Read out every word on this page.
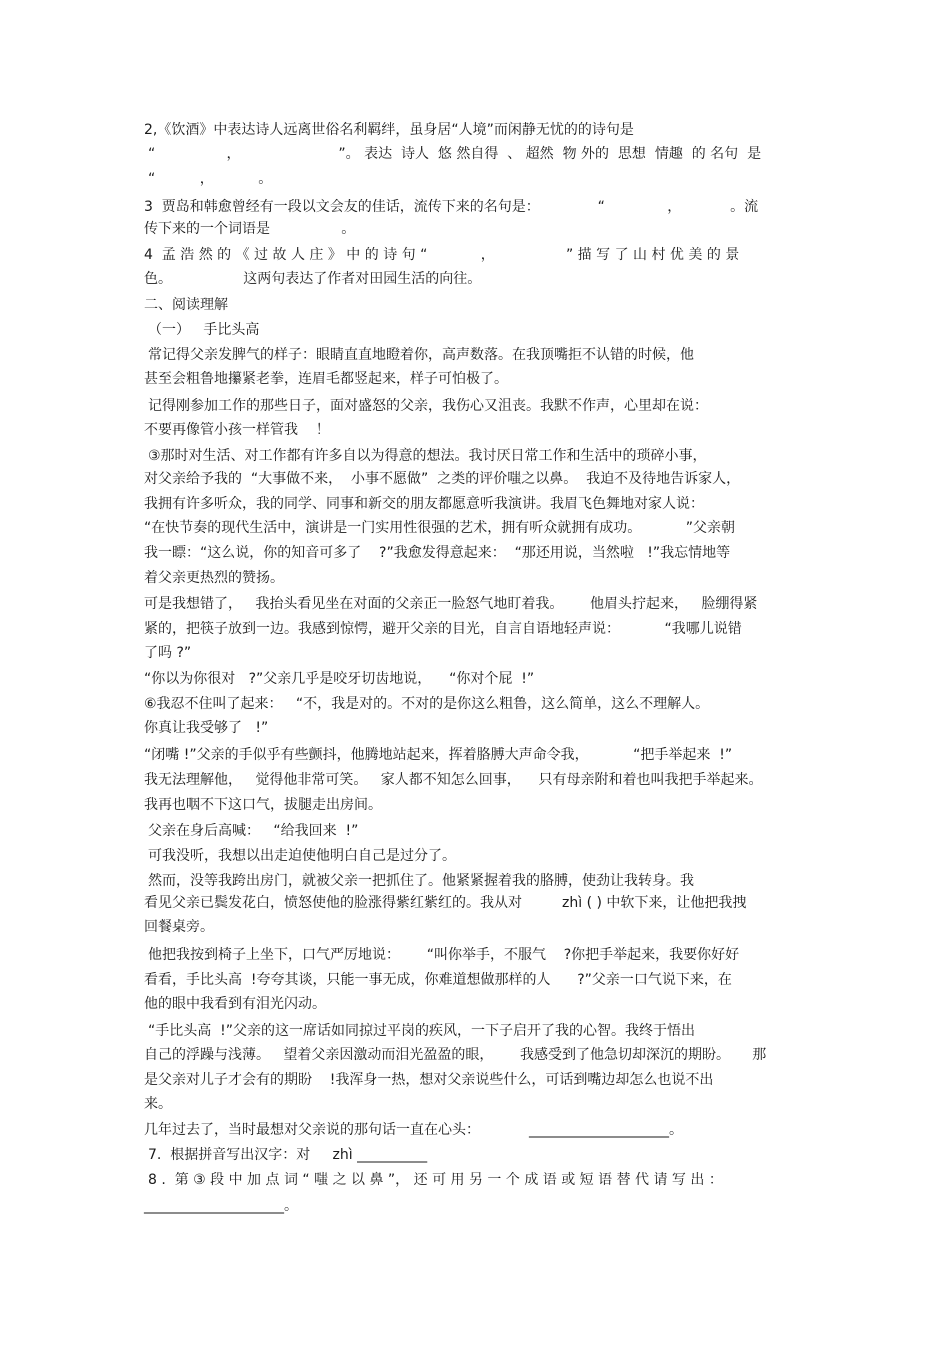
2,《饮酒》中表达诗人远离世俗名利羁绊，虽身居“人境”而闲静无忧的的诗句是

“                ，                      ”。 表达  诗人  悠 然自得  、 超然  物 外的  思想  情趣  的 名句  是

“          ，          。

3  贾岛和韩愈曾经有一段以文会友的佳话，流传下来的名句是：             “              ，           。流

传下来的一个词语是                。

4  孟 浩 然 的 《 过 故 人 庄 》 中 的 诗 句 “            ，                ” 描 写 了 山 村 优 美 的 景

色。                这两句表达了作者对田园生活的向往。

二、阅读理解

（一）   手比头高

常记得父亲发脾气的样子：眼睛直直地瞪着你，高声数落。在我顶嘴拒不认错的时候，他

甚至会粗鲁地攥紧老拳，连眉毛都竖起来，样子可怕极了。

记得刚参加工作的那些日子，面对盛怒的父亲，我伤心又沮丧。我默不作声，心里却在说：

不要再像管小孩一样管我    ！

③那时对生活、对工作都有许多自以为得意的想法。我讨厌日常工作和生活中的琐碎小事，

对父亲给予我的  “大事做不来，  小事不愿做”  之类的评价嗤之以鼻。  我迫不及待地告诉家人，

我拥有许多听众，我的同学、同事和新交的朋友都愿意听我演讲。我眉飞色舞地对家人说：

“在快节奏的现代生活中，演讲是一门实用性很强的艺术，拥有听众就拥有成功。          ”父亲朝

我一瞟：“这么说，你的知音可多了    ?”我愈发得意起来：  “那还用说，当然啦   !”我忘情地等

着父亲更热烈的赞扬。

可是我想错了，   我抬头看见坐在对面的父亲正一脸怒气地盯着我。      他眉头拧起来，   脸绷得紧

紧的，把筷子放到一边。我感到惊愕，避开父亲的目光，自言自语地轻声说：          “我哪儿说错

了吗 ?”

“你以为你很对   ?”父亲几乎是咬牙切齿地说，    “你对个屁  !”

⑥我忍不住叫了起来：   “不，我是对的。不对的是你这么粗鲁，这么简单，这么不理解人。

你真让我受够了   !”

“闭嘴 !”父亲的手似乎有些颤抖，他腾地站起来，挥着胳膊大声命令我，          “把手举起来  !”

我无法理解他，   觉得他非常可笑。   家人都不知怎么回事，    只有母亲附和着也叫我把手举起来。

我再也咽不下这口气，拔腿走出房间。

父亲在身后高喊：   “给我回来  !”

可我没听，我想以出走迫使他明白自己是过分了。

然而，没等我跨出房门，就被父亲一把抓住了。他紧紧握着我的胳膊，使劲让我转身。我

看见父亲已鬓发花白，愤怒使他的脸涨得紫红紫红的。我从对         zhì ( ) 中软下来，让他把我拽

回餐桌旁。

他把我按到椅子上坐下，口气严厉地说：      “叫你举手，不服气    ?你把手举起来，我要你好好

看看，手比头高  !夸夸其谈，只能一事无成，你难道想做那样的人      ?”父亲一口气说下来，在

他的眼中我看到有泪光闪动。

“手比头高  !”父亲的这一席话如同掠过平岗的疾风，一下子启开了我的心智。我终于悟出

自己的浮躁与浅薄。   望着父亲因激动而泪光盈盈的眼，      我感受到了他急切却深沉的期盼。     那

是父亲对儿子才会有的期盼    !我浑身一热，想对父亲说些什么，可话到嘴边却怎么也说不出

来。

几年过去了，当时最想对父亲说的那句话一直在心头：           ____________________。

7.  根据拼音写出汉字：对     zhì __________

8 .  第 ③ 段 中 加 点 词 “ 嗤 之 以 鼻 ”， 还 可 用 另 一 个 成 语 或 短 语 替 代 请 写 出 ：

____________________。
